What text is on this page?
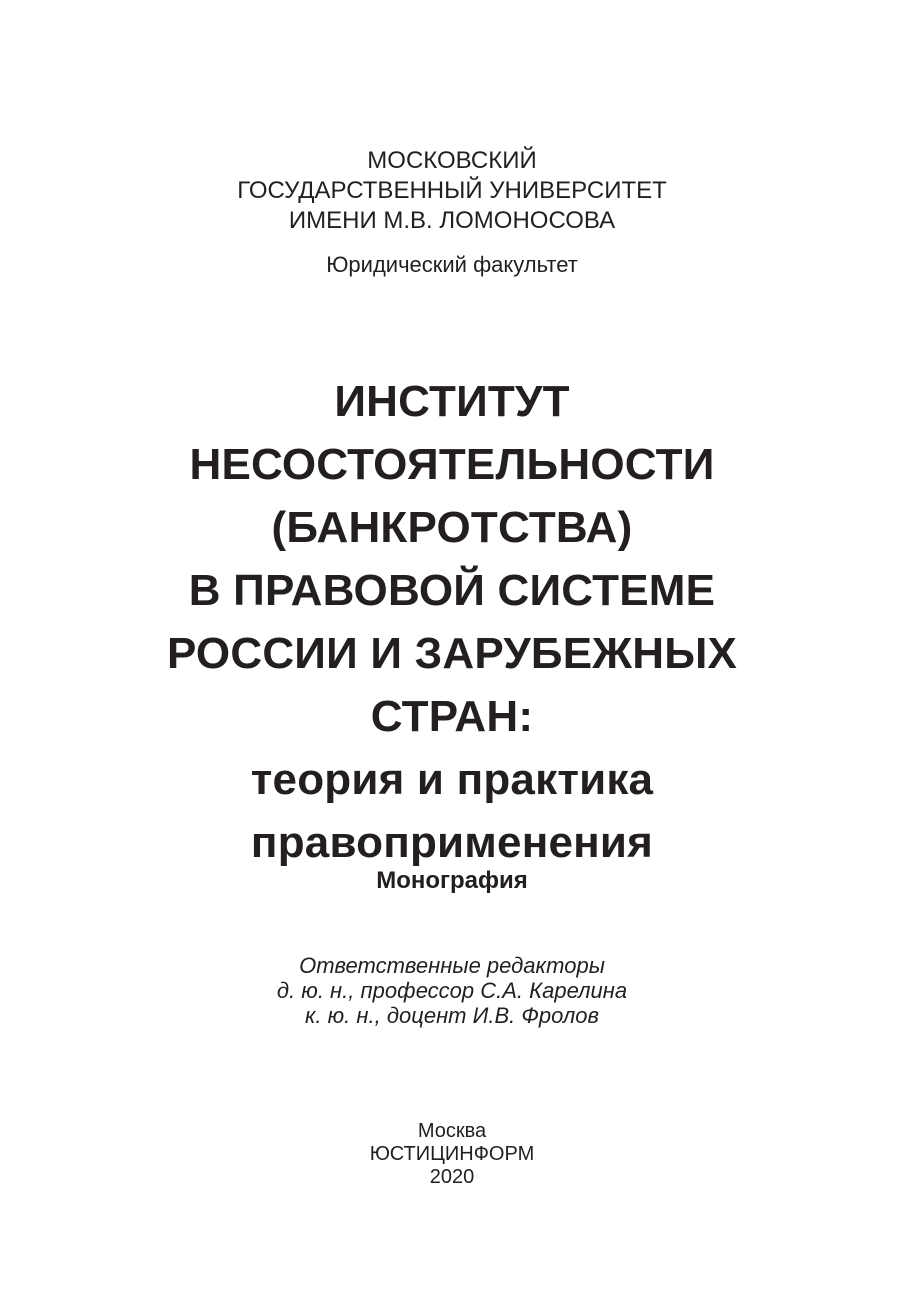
МОСКОВСКИЙ
ГОСУДАРСТВЕННЫЙ УНИВЕРСИТЕТ
ИМЕНИ М.В. ЛОМОНОСОВА
Юридический факультет
ИНСТИТУТ
НЕСОСТОЯТЕЛЬНОСТИ
(БАНКРОТСТВА)
В ПРАВОВОЙ СИСТЕМЕ
РОССИИ И ЗАРУБЕЖНЫХ
СТРАН:
теория и практика
правоприменения
Монография
Ответственные редакторы
д. ю. н., профессор С.А. Карелина
к. ю. н., доцент И.В. Фролов
Москва
ЮСТИЦИНФОРМ
2020
